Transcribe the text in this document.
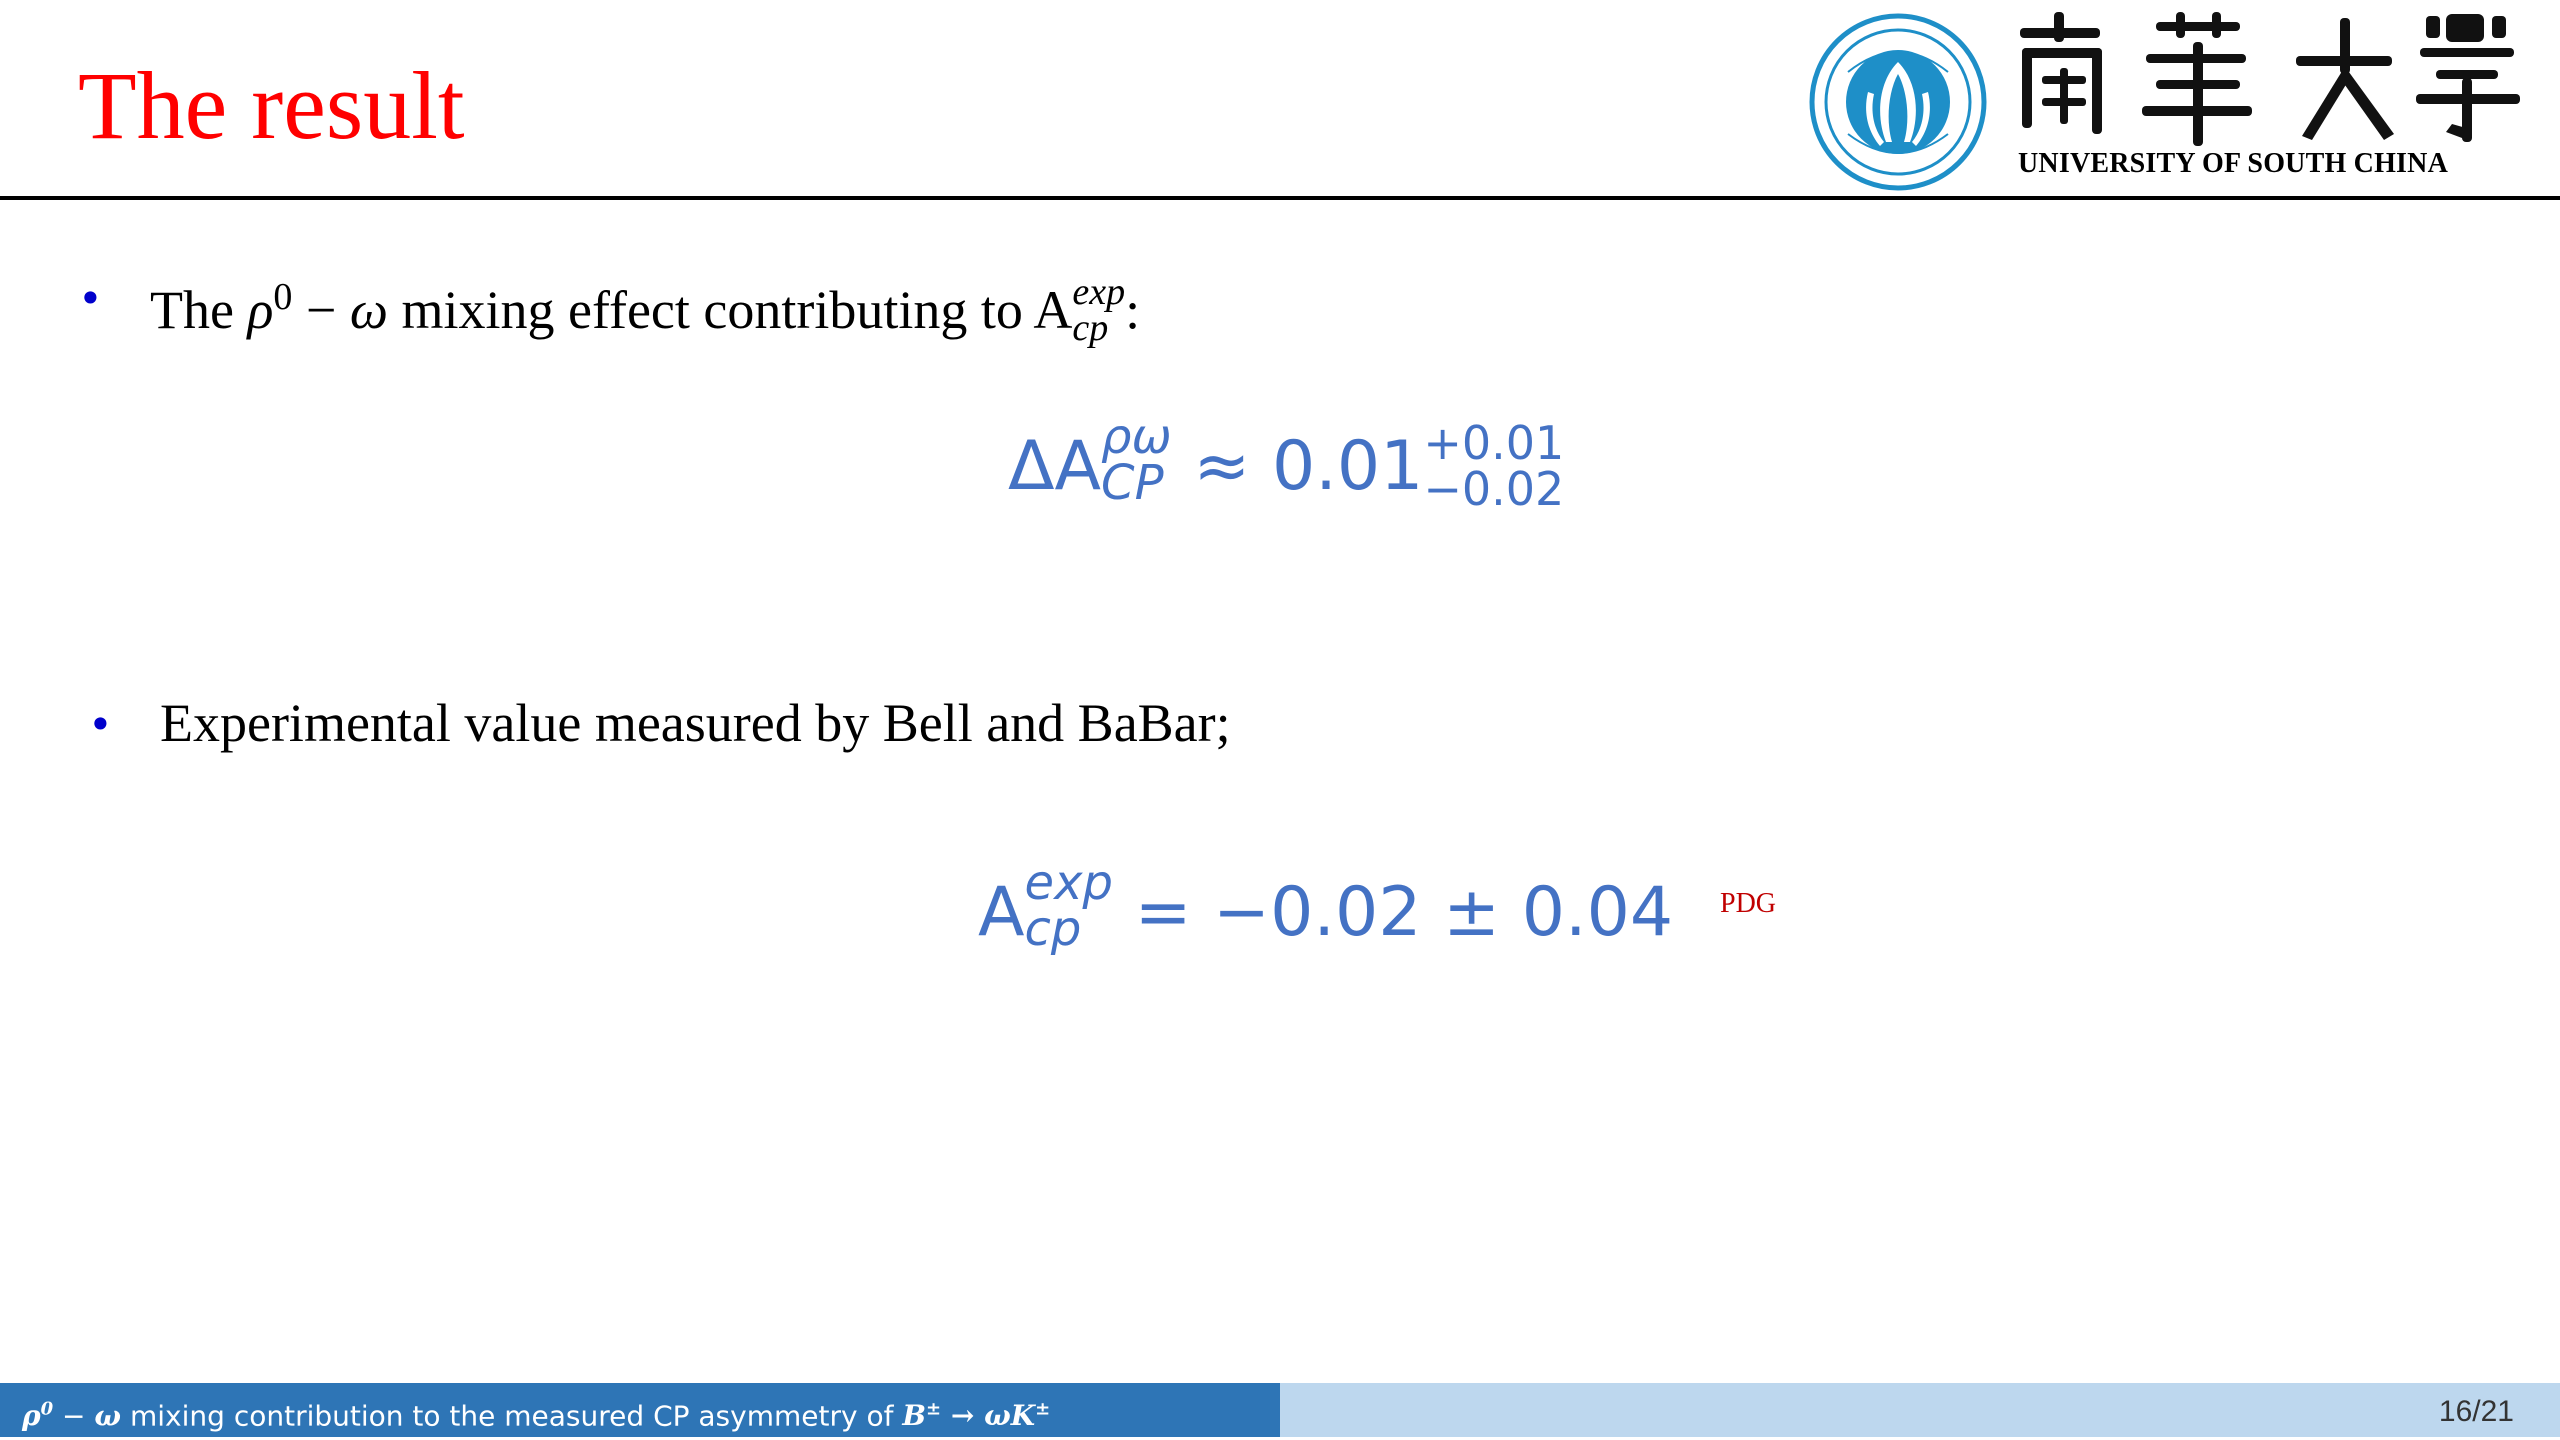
The result
UNIVERSITY OF SOUTH CHINA
• The $\rho^0 - \omega$ mixing effect contributing to A exp
cp :
ΔA ρω
CP ≈ 0.01 +0.01
−0.02
• Experimental value measured by Bell and BaBar;
A exp
cp = −0.02 ± 0.04 PDG
$\rho^0 - \omega$ mixing contribution to the measured CP asymmetry of B± → ωK±	16/21
